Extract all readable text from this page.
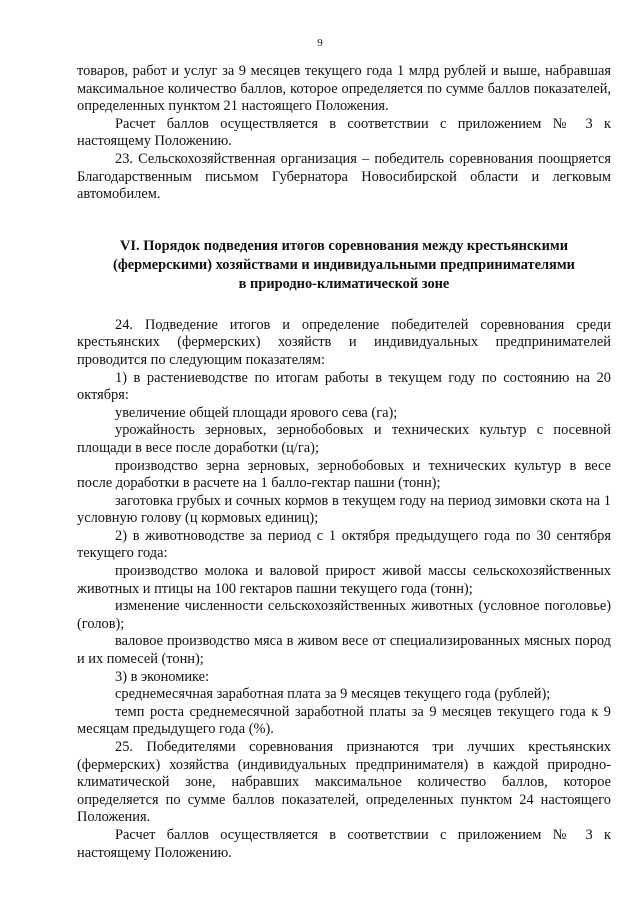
9

товаров, работ и услуг за 9 месяцев текущего года 1 млрд рублей и выше, набравшая максимальное количество баллов, которое определяется по сумме баллов показателей, определенных пунктом 21 настоящего Положения.

Расчет баллов осуществляется в соответствии с приложением № 3 к настоящему Положению.

23. Сельскохозяйственная организация – победитель соревнования поощряется Благодарственным письмом Губернатора Новосибирской области и легковым автомобилем.

VI. Порядок подведения итогов соревнования между крестьянскими
(фермерскими) хозяйствами и индивидуальными предпринимателями
в природно-климатической зоне

24. Подведение итогов и определение победителей соревнования среди крестьянских (фермерских) хозяйств и индивидуальных предпринимателей проводится по следующим показателям:

1) в растениеводстве по итогам работы в текущем году по состоянию на 20 октября:

увеличение общей площади ярового сева (га);

урожайность зерновых, зернобобовых и технических культур с посевной площади в весе после доработки (ц/га);

производство зерна зерновых, зернобобовых и технических культур в весе после доработки в расчете на 1 балло-гектар пашни (тонн);

заготовка грубых и сочных кормов в текущем году на период зимовки скота на 1 условную голову (ц кормовых единиц);

2) в животноводстве за период с 1 октября предыдущего года по 30 сентября текущего года:

производство молока и валовой прирост живой массы сельскохозяйственных животных и птицы на 100 гектаров пашни текущего года (тонн);

изменение численности сельскохозяйственных животных (условное поголовье) (голов);

валовое производство мяса в живом весе от специализированных мясных пород и их помесей (тонн);

3) в экономике:

среднемесячная заработная плата за 9 месяцев текущего года (рублей);

темп роста среднемесячной заработной платы за 9 месяцев текущего года к 9 месяцам предыдущего года (%).

25. Победителями соревнования признаются три лучших крестьянских (фермерских) хозяйства (индивидуальных предпринимателя) в каждой природно-климатической зоне, набравших максимальное количество баллов, которое определяется по сумме баллов показателей, определенных пунктом 24 настоящего Положения.

Расчет баллов осуществляется в соответствии с приложением № 3 к настоящему Положению.
